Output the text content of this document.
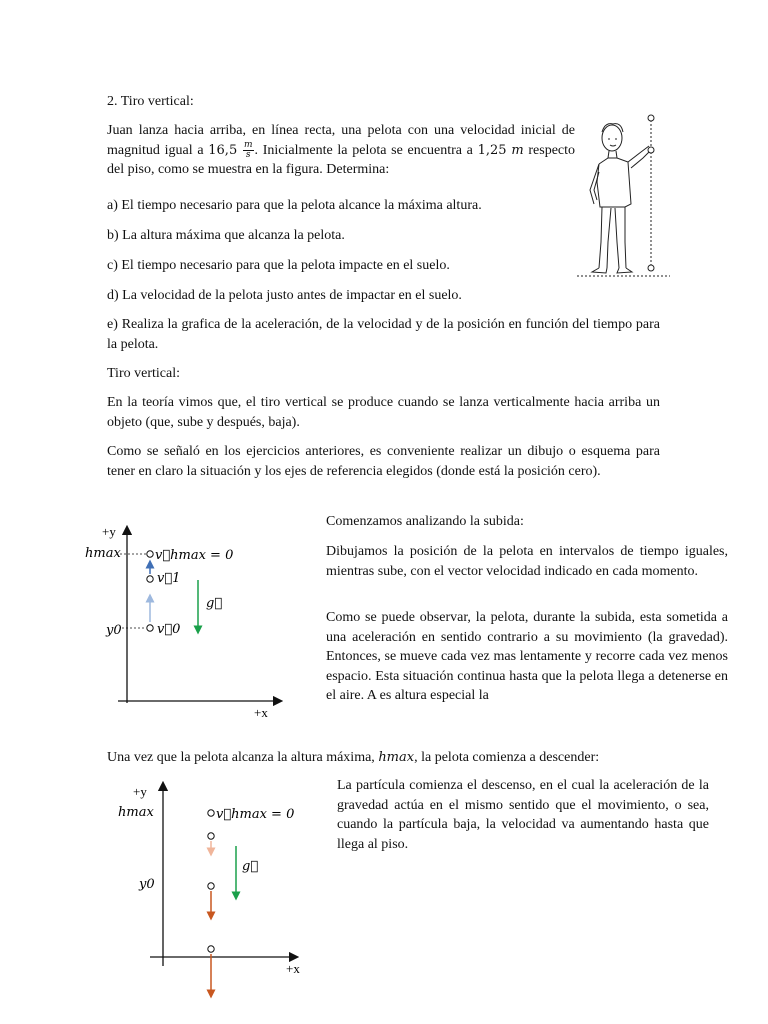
2. Tiro vertical:

Juan lanza hacia arriba, en línea recta, una pelota con una velocidad inicial de magnitud igual a $16,5 \frac{m}{s}$ . Inicialmente la pelota se encuentra a 1,25 m respecto del piso, como se muestra en la figura. Determina:

a) El tiempo necesario para que la pelota alcance la máxima altura.

b) La altura máxima que alcanza la pelota.

c) El tiempo necesario para que la pelota impacte en el suelo.

d) La velocidad de la pelota justo antes de impactar en el suelo.

e) Realiza la grafica de la aceleración, de la velocidad y de la posición en función del tiempo para la pelota.

Tiro vertical:

En la teoría vimos que, el tiro vertical se produce cuando se lanza verticalmente hacia arriba un objeto (que, sube y después, baja).

Como se señaló en los ejercicios anteriores, es conveniente realizar un dibujo o esquema para tener en claro la situación y los ejes de referencia elegidos (donde está la posición cero).

+y
+x
hmax	v⃗hmax = 0
v⃗1
y0	v⃗0
g⃗

Comenzamos analizando la subida:

Dibujamos la posición de la pelota en intervalos de tiempo iguales, mientras sube, con el vector velocidad indicado en cada momento.

Como se puede observar, la pelota, durante la subida, esta sometida a una aceleración en sentido contrario a su movimiento (la gravedad). Entonces, se mueve cada vez mas lentamente y recorre cada vez menos espacio. Esta situación continua hasta que la pelota llega a detenerse en el aire. A es altura especial la

Una vez que la pelota alcanza la altura máxima, hmax, la pelota comienza a descender:

+y
+x
hmax
y0
v⃗hmax = 0
g⃗

La partícula comienza el descenso, en el cual la aceleración de la gravedad actúa en el mismo sentido que el movimiento, o sea, cuando la partícula baja, la velocidad va aumentando hasta que llega al piso.
